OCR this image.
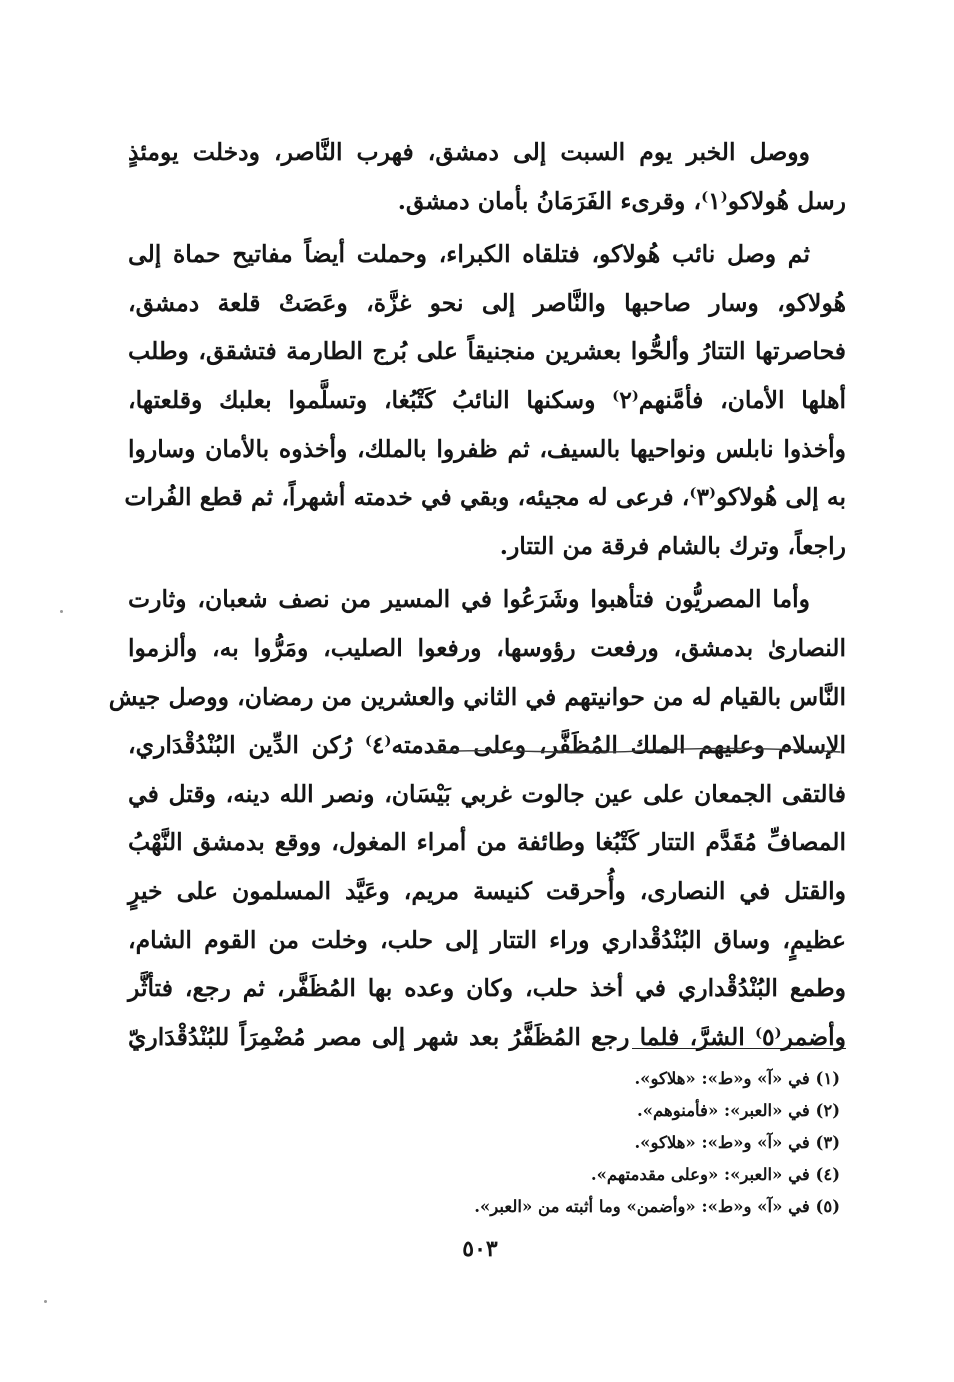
ووصل الخبر يوم السبت إلى دمشق، فهرب النَّاصر، ودخلت يومئذٍ
رسل هُولاكو⁽١⁾، وقرىء الفَرَمَانُ بأمان دمشق.
ثم وصل نائب هُولاكو، فتلقاه الكبراء، وحملت أيضاً مفاتيح حماة إلى
هُولاكو، وسار صاحبها والنَّاصر إلى نحو غزَّة، وعَصَتْ قلعة دمشق،
فحاصرتها التتارُ وألحُّوا بعشرين منجنيقاً على بُرج الطارمة فتشقق، وطلب
أهلها الأمان، فأمَّنهم⁽٢⁾ وسكنها النائبُ كَتْبُغا، وتسلَّموا بعلبك وقلعتها،
وأخذوا نابلس ونواحيها بالسيف، ثم ظفروا بالملك، وأخذوه بالأمان وساروا
به إلى هُولاكو⁽٣⁾، فرعى له مجيئه، وبقي في خدمته أشهراً، ثم قطع الفُرات
راجعاً، وترك بالشام فرقة من التتار.
وأما المصريُّون فتأهبوا وشَرَعُوا في المسير من نصف شعبان، وثارت
النصارىٰ بدمشق، ورفعت رؤوسها، ورفعوا الصليب، ومَرُّوا به، وألزموا
النَّاس بالقيام له من حوانيتهم في الثاني والعشرين من رمضان، ووصل جيش
الإسلام وعليهم الملك المُظَفَّر، وعلى مقدمته⁽٤⁾ رُكن الدِّين البُنْدُقْدَاري،
فالتقى الجمعان على عين جالوت غربي بَيْسَان، ونصر الله دينه، وقتل في
المصافِّ مُقَدَّم التتار كَتْبُغا وطائفة من أمراء المغول، ووقع بدمشق النَّهْبُ
والقتل في النصارى، وأُحرقت كنيسة مريم، وعَيَّد المسلمون على خيرٍ
عظيمٍ، وساق البُنْدُقْداري وراء التتار إلى حلب، وخلت من القوم الشام،
وطمع البُنْدُقْداري في أخذ حلب، وكان وعده بها المُظَفَّر، ثم رجع، فتأثَّر
وأضمر⁽٥⁾ الشرَّ، فلما رجع المُظَفَّرُ بعد شهر إلى مصر مُضْمِرَاً للبُنْدُقْدَاريّ
(١) في «آ» و«ط»: «هلاكو».
(٢) في «العبر»: «فأمنوهم».
(٣) في «آ» و«ط»: «هلاكو».
(٤) في «العبر»: «وعلى مقدمتهم».
(٥) في «آ» و«ط»: «وأضمن» وما أثبته من «العبر».
٥٠٣
